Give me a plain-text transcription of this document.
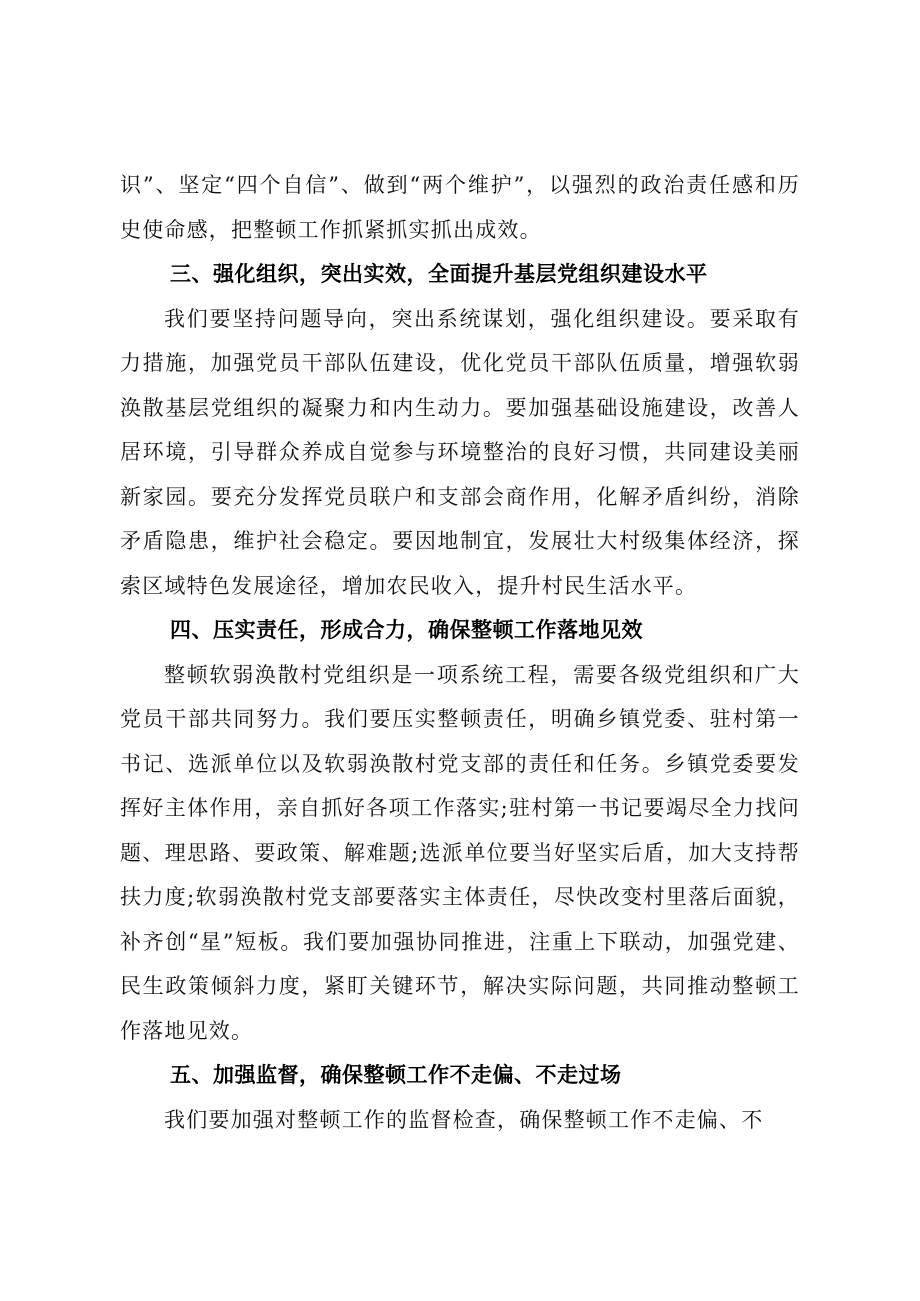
识”、坚定“四个自信”、做到“两个维护”，以强烈的政治责任感和历史使命感，把整顿工作抓紧抓实抓出成效。

三、强化组织，突出实效，全面提升基层党组织建设水平

我们要坚持问题导向，突出系统谋划，强化组织建设。要采取有力措施，加强党员干部队伍建设，优化党员干部队伍质量，增强软弱涣散基层党组织的凝聚力和内生动力。要加强基础设施建设，改善人居环境，引导群众养成自觉参与环境整治的良好习惯，共同建设美丽新家园。要充分发挥党员联户和支部会商作用，化解矛盾纠纷，消除矛盾隐患，维护社会稳定。要因地制宜，发展壮大村级集体经济，探索区域特色发展途径，增加农民收入，提升村民生活水平。

四、压实责任，形成合力，确保整顿工作落地见效

整顿软弱涣散村党组织是一项系统工程，需要各级党组织和广大党员干部共同努力。我们要压实整顿责任，明确乡镇党委、驻村第一书记、选派单位以及软弱涣散村党支部的责任和任务。乡镇党委要发挥好主体作用，亲自抓好各项工作落实;驻村第一书记要竭尽全力找问题、理思路、要政策、解难题;选派单位要当好坚实后盾，加大支持帮扶力度;软弱涣散村党支部要落实主体责任，尽快改变村里落后面貌，补齐创“星”短板。我们要加强协同推进，注重上下联动，加强党建、民生政策倾斜力度，紧盯关键环节，解决实际问题，共同推动整顿工作落地见效。

五、加强监督，确保整顿工作不走偏、不走过场

我们要加强对整顿工作的监督检查，确保整顿工作不走偏、不
